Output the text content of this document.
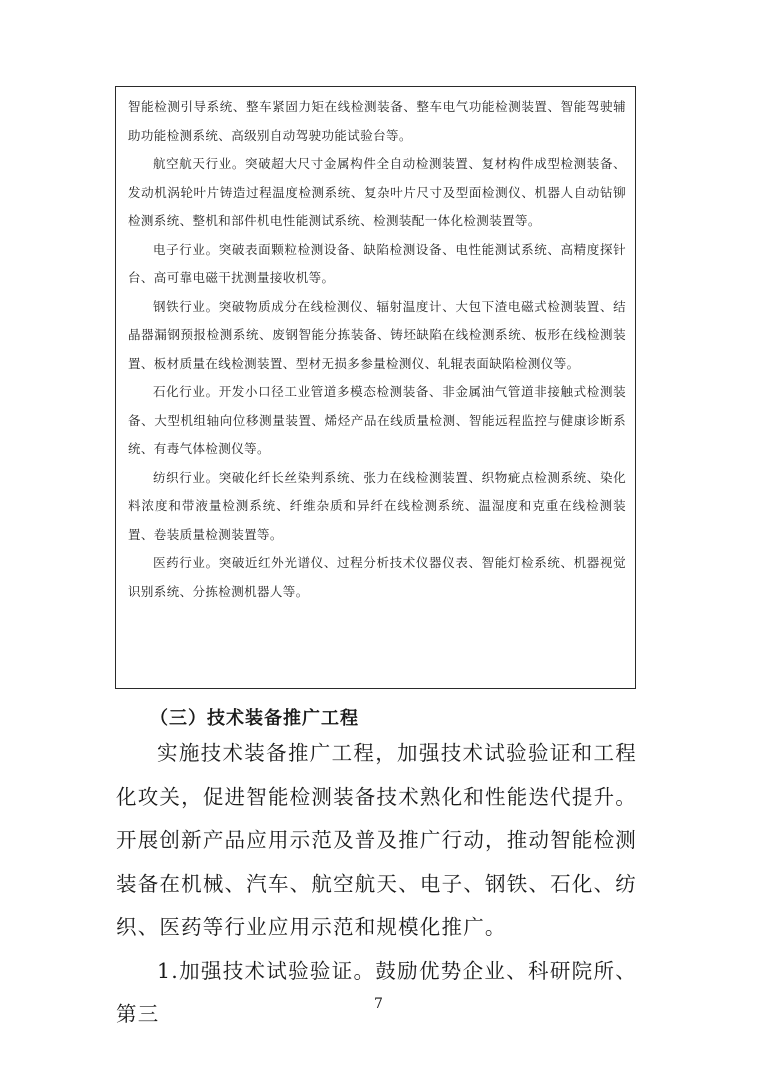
智能检测引导系统、整车紧固力矩在线检测装备、整车电气功能检测装置、智能驾驶辅助功能检测系统、高级别自动驾驶功能试验台等。

航空航天行业。突破超大尺寸金属构件全自动检测装置、复材构件成型检测装备、发动机涡轮叶片铸造过程温度检测系统、复杂叶片尺寸及型面检测仪、机器人自动钻铆检测系统、整机和部件机电性能测试系统、检测装配一体化检测装置等。

电子行业。突破表面颗粒检测设备、缺陷检测设备、电性能测试系统、高精度探针台、高可靠电磁干扰测量接收机等。

钢铁行业。突破物质成分在线检测仪、辐射温度计、大包下渣电磁式检测装置、结晶器漏钢预报检测系统、废钢智能分拣装备、铸坯缺陷在线检测系统、板形在线检测装置、板材质量在线检测装置、型材无损多参量检测仪、轧辊表面缺陷检测仪等。

石化行业。开发小口径工业管道多模态检测装备、非金属油气管道非接触式检测装备、大型机组轴向位移测量装置、烯烃产品在线质量检测、智能远程监控与健康诊断系统、有毒气体检测仪等。

纺织行业。突破化纤长丝染判系统、张力在线检测装置、织物疵点检测系统、染化料浓度和带液量检测系统、纤维杂质和异纤在线检测系统、温湿度和克重在线检测装置、卷装质量检测装置等。

医药行业。突破近红外光谱仪、过程分析技术仪器仪表、智能灯检系统、机器视觉识别系统、分拣检测机器人等。

（三）技术装备推广工程

实施技术装备推广工程，加强技术试验验证和工程化攻关，促进智能检测装备技术熟化和性能迭代提升。开展创新产品应用示范及普及推广行动，推动智能检测装备在机械、汽车、航空航天、电子、钢铁、石化、纺织、医药等行业应用示范和规模化推广。

1.加强技术试验验证。鼓励优势企业、科研院所、第三	7
